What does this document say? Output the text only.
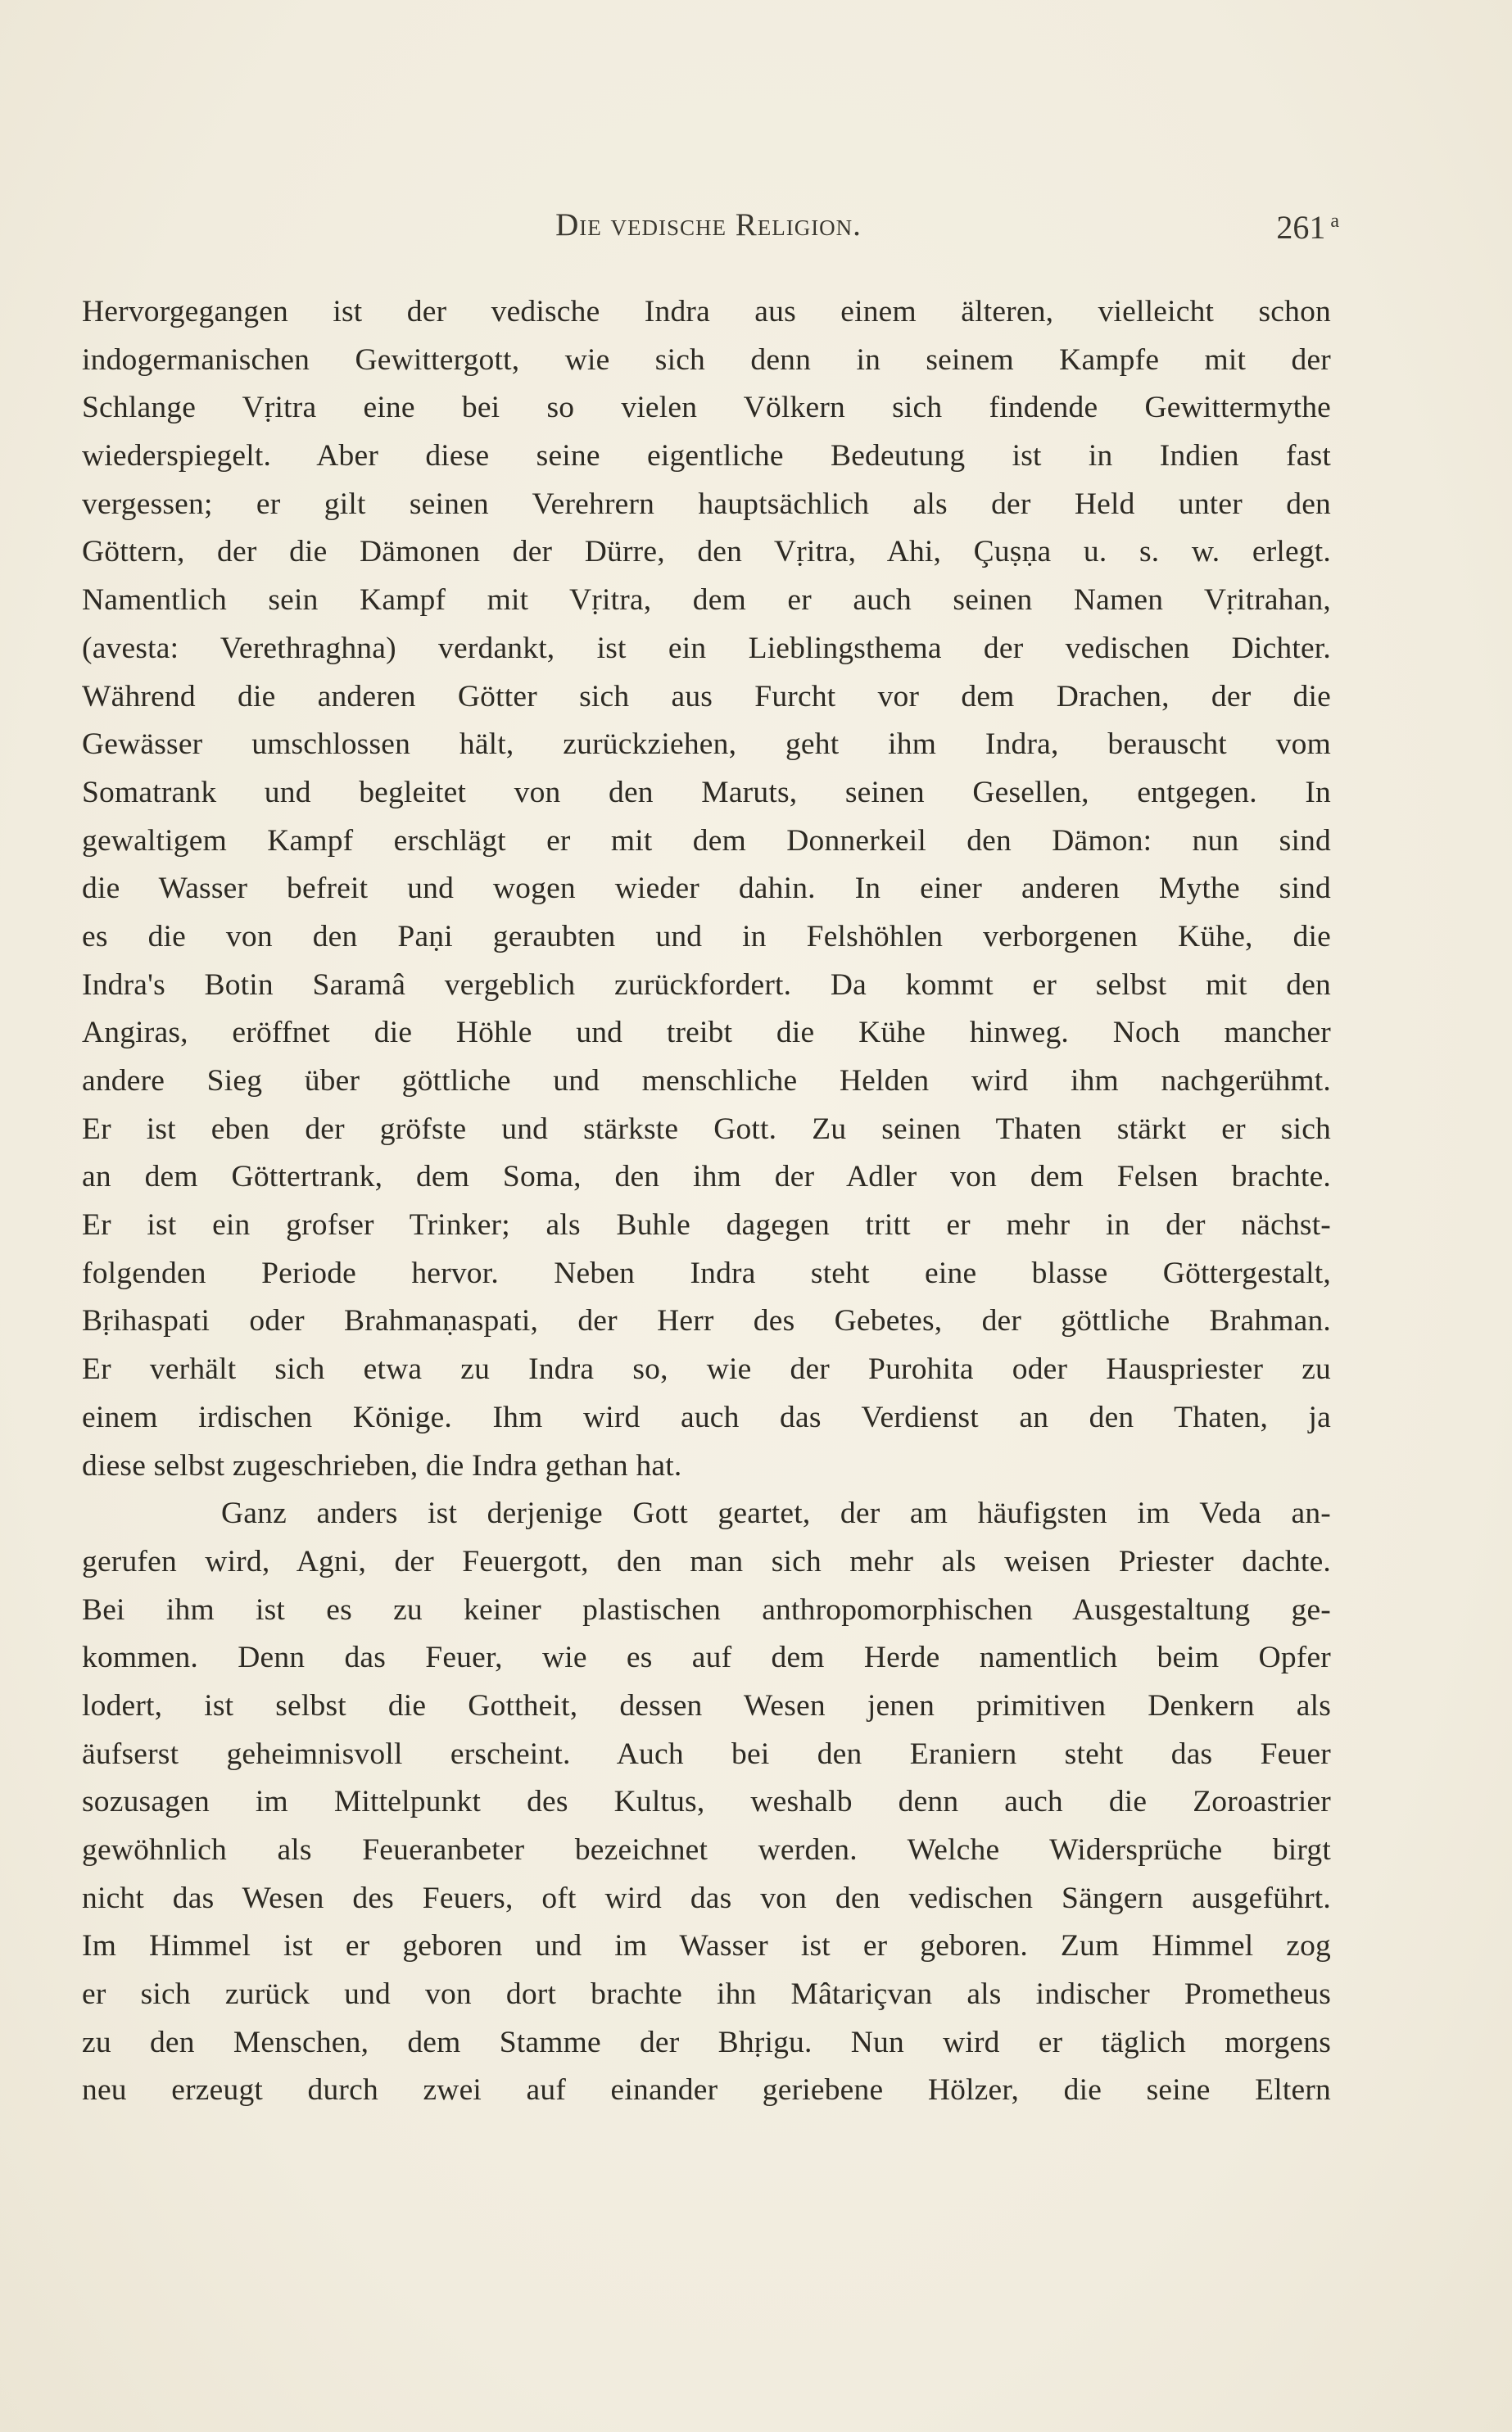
Die vedische Religion.	261 $^a$
Hervorgegangen ist der vedische Indra aus einem älteren, vielleicht schon
indogermanischen Gewittergott, wie sich denn in seinem Kampfe mit der
Schlange Vṛitra eine bei so vielen Völkern sich findende Gewittermythe
wiederspiegelt. Aber diese seine eigentliche Bedeutung ist in Indien fast
vergessen; er gilt seinen Verehrern hauptsächlich als der Held unter den
Göttern, der die Dämonen der Dürre, den Vṛitra, Ahi, Çuṣṇa u. s. w. erlegt.
Namentlich sein Kampf mit Vṛitra, dem er auch seinen Namen Vṛitrahan,
(avesta: Verethraghna) verdankt, ist ein Lieblingsthema der vedischen Dichter.
Während die anderen Götter sich aus Furcht vor dem Drachen, der die
Gewässer umschlossen hält, zurückziehen, geht ihm Indra, berauscht vom
Somatrank und begleitet von den Maruts, seinen Gesellen, entgegen. In
gewaltigem Kampf erschlägt er mit dem Donnerkeil den Dämon: nun sind
die Wasser befreit und wogen wieder dahin. In einer anderen Mythe sind
es die von den Paṇi geraubten und in Felshöhlen verborgenen Kühe, die
Indra's Botin Saramâ vergeblich zurückfordert. Da kommt er selbst mit den
Angiras, eröffnet die Höhle und treibt die Kühe hinweg. Noch mancher
andere Sieg über göttliche und menschliche Helden wird ihm nachgerühmt.
Er ist eben der gröfste und stärkste Gott. Zu seinen Thaten stärkt er sich
an dem Göttertrank, dem Soma, den ihm der Adler von dem Felsen brachte.
Er ist ein grofser Trinker; als Buhle dagegen tritt er mehr in der nächst-
folgenden Periode hervor. Neben Indra steht eine blasse Göttergestalt,
Bṛihaspati oder Brahmaṇaspati, der Herr des Gebetes, der göttliche Brahman.
Er verhält sich etwa zu Indra so, wie der Purohita oder Hauspriester zu
einem irdischen Könige. Ihm wird auch das Verdienst an den Thaten, ja
diese selbst zugeschrieben, die Indra gethan hat.
Ganz anders ist derjenige Gott geartet, der am häufigsten im Veda an-
gerufen wird, Agni, der Feuergott, den man sich mehr als weisen Priester dachte.
Bei ihm ist es zu keiner plastischen anthropomorphischen Ausgestaltung ge-
kommen. Denn das Feuer, wie es auf dem Herde namentlich beim Opfer
lodert, ist selbst die Gottheit, dessen Wesen jenen primitiven Denkern als
äufserst geheimnisvoll erscheint. Auch bei den Eraniern steht das Feuer
sozusagen im Mittelpunkt des Kultus, weshalb denn auch die Zoroastrier
gewöhnlich als Feueranbeter bezeichnet werden. Welche Widersprüche birgt
nicht das Wesen des Feuers, oft wird das von den vedischen Sängern ausgeführt.
Im Himmel ist er geboren und im Wasser ist er geboren. Zum Himmel zog
er sich zurück und von dort brachte ihn Mâtariçvan als indischer Prometheus
zu den Menschen, dem Stamme der Bhṛigu. Nun wird er täglich morgens
neu erzeugt durch zwei auf einander geriebene Hölzer, die seine Eltern
